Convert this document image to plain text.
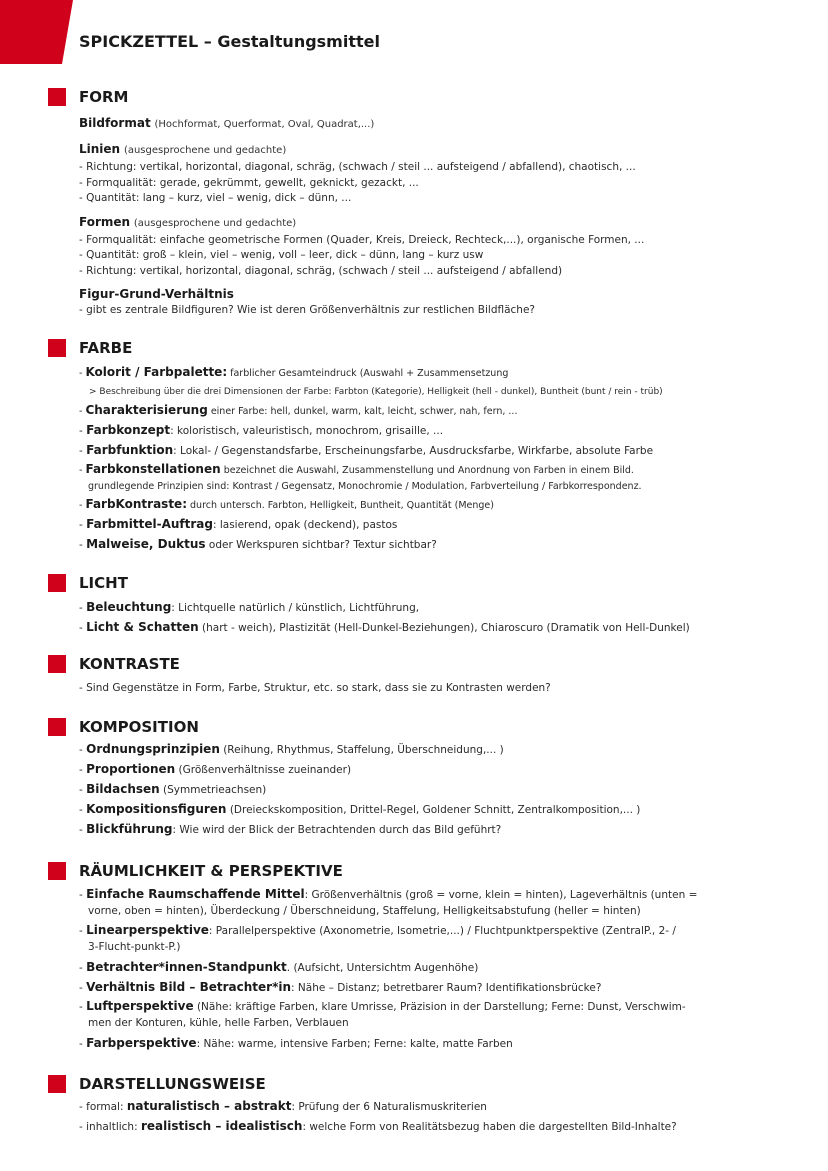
SPICKZETTEL – Gestaltungsmittel
FORM
Bildformat (Hochformat, Querformat, Oval, Quadrat,...)
Linien (ausgesprochene und gedachte)
- Richtung: vertikal, horizontal, diagonal, schräg, (schwach / steil ... aufsteigend / abfallend), chaotisch, ...
- Formqualität: gerade, gekrümmt, gewellt, geknickt, gezackt, ...
- Quantität: lang – kurz, viel – wenig, dick – dünn, ...
Formen (ausgesprochene und gedachte)
- Formqualität: einfache geometrische Formen (Quader, Kreis, Dreieck, Rechteck,...), organische Formen, ...
- Quantität: groß – klein, viel – wenig, voll – leer, dick – dünn, lang – kurz usw
- Richtung: vertikal, horizontal, diagonal, schräg, (schwach / steil ... aufsteigend / abfallend)
Figur-Grund-Verhältnis
- gibt es zentrale Bildfiguren? Wie ist deren Größenverhältnis zur restlichen Bildfläche?
FARBE
- Kolorit / Farbpalette: farblicher Gesamteindruck (Auswahl + Zusammensetzung
> Beschreibung über die drei Dimensionen der Farbe: Farbton (Kategorie), Helligkeit (hell - dunkel), Buntheit (bunt / rein - trüb)
- Charakterisierung einer Farbe: hell, dunkel, warm, kalt, leicht, schwer, nah, fern, ...
- Farbkonzept: koloristisch, valeuristisch, monochrom, grisaille, ...
- Farbfunktion: Lokal- / Gegenstandsfarbe, Erscheinungsfarbe, Ausdrucksfarbe, Wirkfarbe, absolute Farbe
- Farbkonstellationen bezeichnet die Auswahl, Zusammenstellung und Anordnung von Farben in einem Bild.
grundlegende Prinzipien sind: Kontrast / Gegensatz, Monochromie / Modulation, Farbverteilung / Farbkorrespondenz.
- FarbKontraste: durch untersch. Farbton, Helligkeit, Buntheit, Quantität (Menge)
- Farbmittel-Auftrag: lasierend, opak (deckend), pastos
- Malweise, Duktus oder Werkspuren sichtbar? Textur sichtbar?
LICHT
- Beleuchtung: Lichtquelle natürlich / künstlich, Lichtführung,
- Licht & Schatten (hart - weich), Plastizität (Hell-Dunkel-Beziehungen), Chiaroscuro (Dramatik von Hell-Dunkel)
KONTRASTE
- Sind Gegenstätze in Form, Farbe, Struktur, etc. so stark, dass sie zu Kontrasten werden?
KOMPOSITION
- Ordnungsprinzipien (Reihung, Rhythmus, Staffelung, Überschneidung,... )
- Proportionen (Größenverhältnisse zueinander)
- Bildachsen (Symmetrieachsen)
- Kompositionsfiguren (Dreieckskomposition, Drittel-Regel, Goldener Schnitt, Zentralkomposition,... )
- Blickführung: Wie wird der Blick der Betrachtenden durch das Bild geführt?
RÄUMLICHKEIT & PERSPEKTIVE
- Einfache Raumschaffende Mittel: Größenverhältnis (groß = vorne, klein = hinten), Lageverhältnis (unten =
vorne, oben = hinten), Überdeckung / Überschneidung, Staffelung, Helligkeitsabstufung (heller = hinten)
- Linearperspektive: Parallelperspektive (Axonometrie, Isometrie,...) / Fluchtpunktperspektive (ZentralP., 2- /
3-Flucht-punkt-P.)
- Betrachter*innen-Standpunkt. (Aufsicht, Untersichtm Augenhöhe)
- Verhältnis Bild – Betrachter*in: Nähe – Distanz; betretbarer Raum? Identifikationsbrücke?
- Luftperspektive (Nähe: kräftige Farben, klare Umrisse, Präzision in der Darstellung; Ferne: Dunst, Verschwim-
men der Konturen, kühle, helle Farben, Verblauen
- Farbperspektive: Nähe: warme, intensive Farben; Ferne: kalte, matte Farben
DARSTELLUNGSWEISE
- formal: naturalistisch – abstrakt: Prüfung der 6 Naturalismuskriterien
- inhaltlich: realistisch – idealistisch: welche Form von Realitätsbezug haben die dargestellten Bild-Inhalte?
